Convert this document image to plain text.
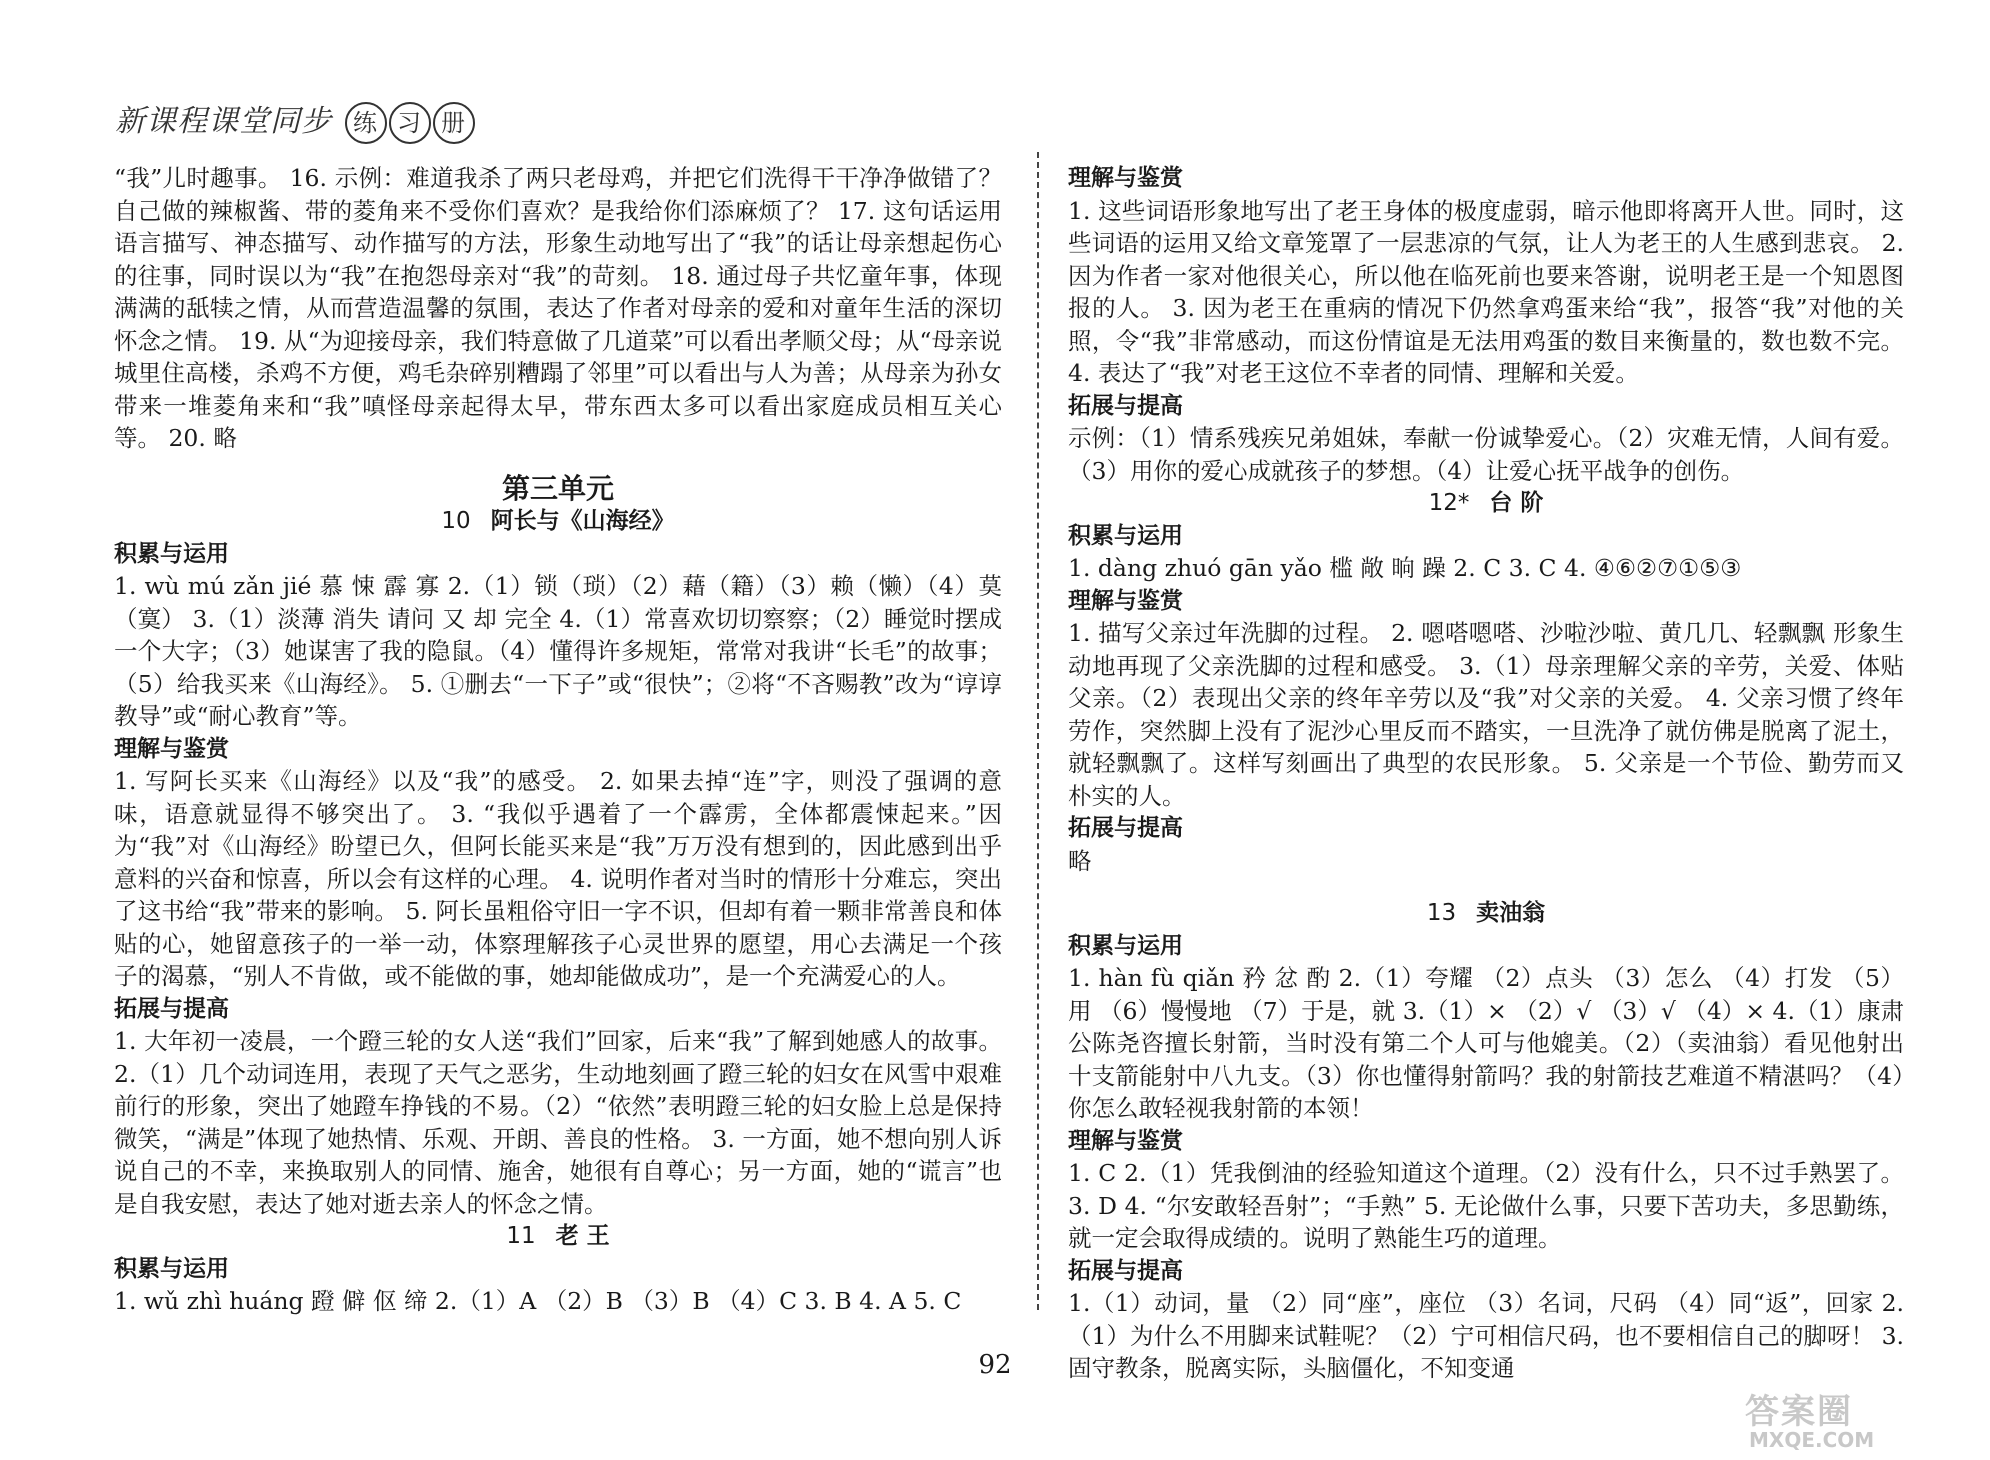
新课程课堂同步 练 习 册

“我”儿时趣事。 16. 示例：难道我杀了两只老母鸡，并把它们洗得干干净净做错了？自己做的辣椒酱、带的菱角来不受你们喜欢？是我给你们添麻烦了？ 17. 这句话运用语言描写、神态描写、动作描写的方法，形象生动地写出了“我”的话让母亲想起伤心的往事，同时误以为“我”在抱怨母亲对“我”的苛刻。 18. 通过母子共忆童年事，体现满满的舐犊之情，从而营造温馨的氛围，表达了作者对母亲的爱和对童年生活的深切怀念之情。 19. 从“为迎接母亲，我们特意做了几道菜”可以看出孝顺父母；从“母亲说城里住高楼，杀鸡不方便，鸡毛杂碎别糟蹋了邻里”可以看出与人为善；从母亲为孙女带来一堆菱角来和“我”嗔怪母亲起得太早，带东西太多可以看出家庭成员相互关心等。 20. 略

第三单元
10 阿长与《山海经》
积累与运用

1. wù mú zǎn jié 慕 悚 霹 寡 2.（1）锁（琐）（2）藉（籍）（3）赖（懒）（4）莫（寞） 3.（1）淡薄 消失 请问 又 却 完全 4.（1）常喜欢切切察察；（2）睡觉时摆成一个大字；（3）她谋害了我的隐鼠。（4）懂得许多规矩，常常对我讲“长毛”的故事；（5）给我买来《山海经》。 5. ①删去“一下子”或“很快”；②将“不吝赐教”改为“谆谆教导”或“耐心教育”等。

理解与鉴赏

1. 写阿长买来《山海经》以及“我”的感受。 2. 如果去掉“连”字，则没了强调的意味，语意就显得不够突出了。 3. “我似乎遇着了一个霹雳，全体都震悚起来。”因为“我”对《山海经》盼望已久，但阿长能买来是“我”万万没有想到的，因此感到出乎意料的兴奋和惊喜，所以会有这样的心理。 4. 说明作者对当时的情形十分难忘，突出了这书给“我”带来的影响。 5. 阿长虽粗俗守旧一字不识，但却有着一颗非常善良和体贴的心，她留意孩子的一举一动，体察理解孩子心灵世界的愿望，用心去满足一个孩子的渴慕，“别人不肯做，或不能做的事，她却能做成功”，是一个充满爱心的人。

拓展与提高

1. 大年初一凌晨，一个蹬三轮的女人送“我们”回家，后来“我”了解到她感人的故事。 2.（1）几个动词连用，表现了天气之恶劣，生动地刻画了蹬三轮的妇女在风雪中艰难前行的形象，突出了她蹬车挣钱的不易。（2）“依然”表明蹬三轮的妇女脸上总是保持微笑，“满是”体现了她热情、乐观、开朗、善良的性格。 3. 一方面，她不想向别人诉说自己的不幸，来换取别人的同情、施舍，她很有自尊心；另一方面，她的“谎言”也是自我安慰，表达了她对逝去亲人的怀念之情。

11 老 王
积累与运用

1. wǔ zhì huáng 蹬 僻 伛 缔 2.（1）A （2）B （3）B （4）C 3. B 4. A 5. C

理解与鉴赏

1. 这些词语形象地写出了老王身体的极度虚弱，暗示他即将离开人世。同时，这些词语的运用又给文章笼罩了一层悲凉的气氛，让人为老王的人生感到悲哀。 2. 因为作者一家对他很关心，所以他在临死前也要来答谢，说明老王是一个知恩图报的人。 3. 因为老王在重病的情况下仍然拿鸡蛋来给“我”，报答“我”对他的关照，令“我”非常感动，而这份情谊是无法用鸡蛋的数目来衡量的，数也数不完。 4. 表达了“我”对老王这位不幸者的同情、理解和关爱。

拓展与提高

示例：（1）情系残疾兄弟姐妹，奉献一份诚挚爱心。（2）灾难无情，人间有爱。（3）用你的爱心成就孩子的梦想。（4）让爱心抚平战争的创伤。

12* 台 阶
积累与运用

1. dàng zhuó gān yǎo 槛 敞 晌 躁 2. C 3. C 4. ④⑥②⑦①⑤③

理解与鉴赏

1. 描写父亲过年洗脚的过程。 2. 嗯嗒嗯嗒、沙啦沙啦、黄几几、轻飘飘 形象生动地再现了父亲洗脚的过程和感受。 3.（1）母亲理解父亲的辛劳，关爱、体贴父亲。（2）表现出父亲的终年辛劳以及“我”对父亲的关爱。 4. 父亲习惯了终年劳作，突然脚上没有了泥沙心里反而不踏实，一旦洗净了就仿佛是脱离了泥土，就轻飘飘了。这样写刻画出了典型的农民形象。 5. 父亲是一个节俭、勤劳而又朴实的人。

拓展与提高

略

13 卖油翁
积累与运用

1. hàn fù qiǎn 矜 忿 酌 2.（1）夸耀 （2）点头 （3）怎么 （4）打发 （5）用 （6）慢慢地 （7）于是，就 3.（1）× （2）√ （3）√ （4）× 4.（1）康肃公陈尧咨擅长射箭，当时没有第二个人可与他媲美。（2）（卖油翁）看见他射出十支箭能射中八九支。（3）你也懂得射箭吗？我的射箭技艺难道不精湛吗？（4）你怎么敢轻视我射箭的本领！

理解与鉴赏

1. C 2.（1）凭我倒油的经验知道这个道理。（2）没有什么，只不过手熟罢了。 3. D 4. “尔安敢轻吾射”；“手熟” 5. 无论做什么事，只要下苦功夫，多思勤练，就一定会取得成绩的。说明了熟能生巧的道理。

拓展与提高

1.（1）动词，量 （2）同“座”，座位 （3）名词，尺码 （4）同“返”，回家 2.（1）为什么不用脚来试鞋呢？（2）宁可相信尺码，也不要相信自己的脚呀！ 3. 固守教条，脱离实际，头脑僵化，不知变通

92
答案圈
MXQE.COM
